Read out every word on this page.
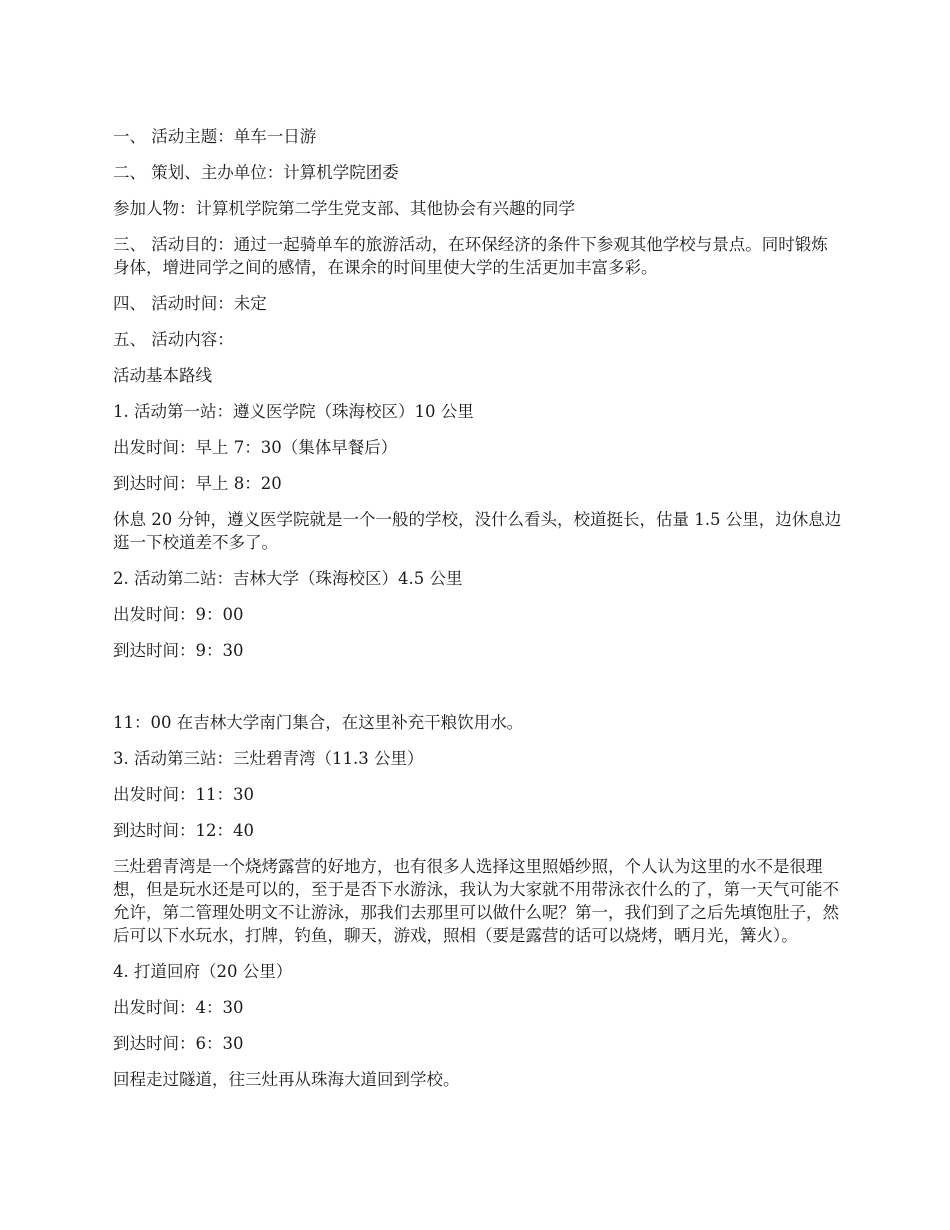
一、 活动主题：单车一日游

二、 策划、主办单位：计算机学院团委

参加人物：计算机学院第二学生党支部、其他协会有兴趣的同学

三、 活动目的：通过一起骑单车的旅游活动，在环保经济的条件下参观其他学校与景点。同时锻炼身体，增进同学之间的感情，在课余的时间里使大学的生活更加丰富多彩。

四、 活动时间：未定

五、 活动内容：

活动基本路线

1. 活动第一站：遵义医学院（珠海校区）10 公里

出发时间：早上 7：30（集体早餐后）

到达时间：早上 8：20

休息 20 分钟，遵义医学院就是一个一般的学校，没什么看头，校道挺长，估量 1.5 公里，边休息边逛一下校道差不多了。

2. 活动第二站：吉林大学（珠海校区）4.5 公里

出发时间：9：00

到达时间：9：30

11：00 在吉林大学南门集合，在这里补充干粮饮用水。

3. 活动第三站：三灶碧青湾（11.3 公里）

出发时间：11：30

到达时间：12：40

三灶碧青湾是一个烧烤露营的好地方，也有很多人选择这里照婚纱照，个人认为这里的水不是很理想，但是玩水还是可以的，至于是否下水游泳，我认为大家就不用带泳衣什么的了，第一天气可能不允许，第二管理处明文不让游泳，那我们去那里可以做什么呢？第一，我们到了之后先填饱肚子，然后可以下水玩水，打牌，钓鱼，聊天，游戏，照相（要是露营的话可以烧烤，晒月光，篝火）。

4. 打道回府（20 公里）

出发时间：4：30

到达时间：6：30

回程走过隧道，往三灶再从珠海大道回到学校。
